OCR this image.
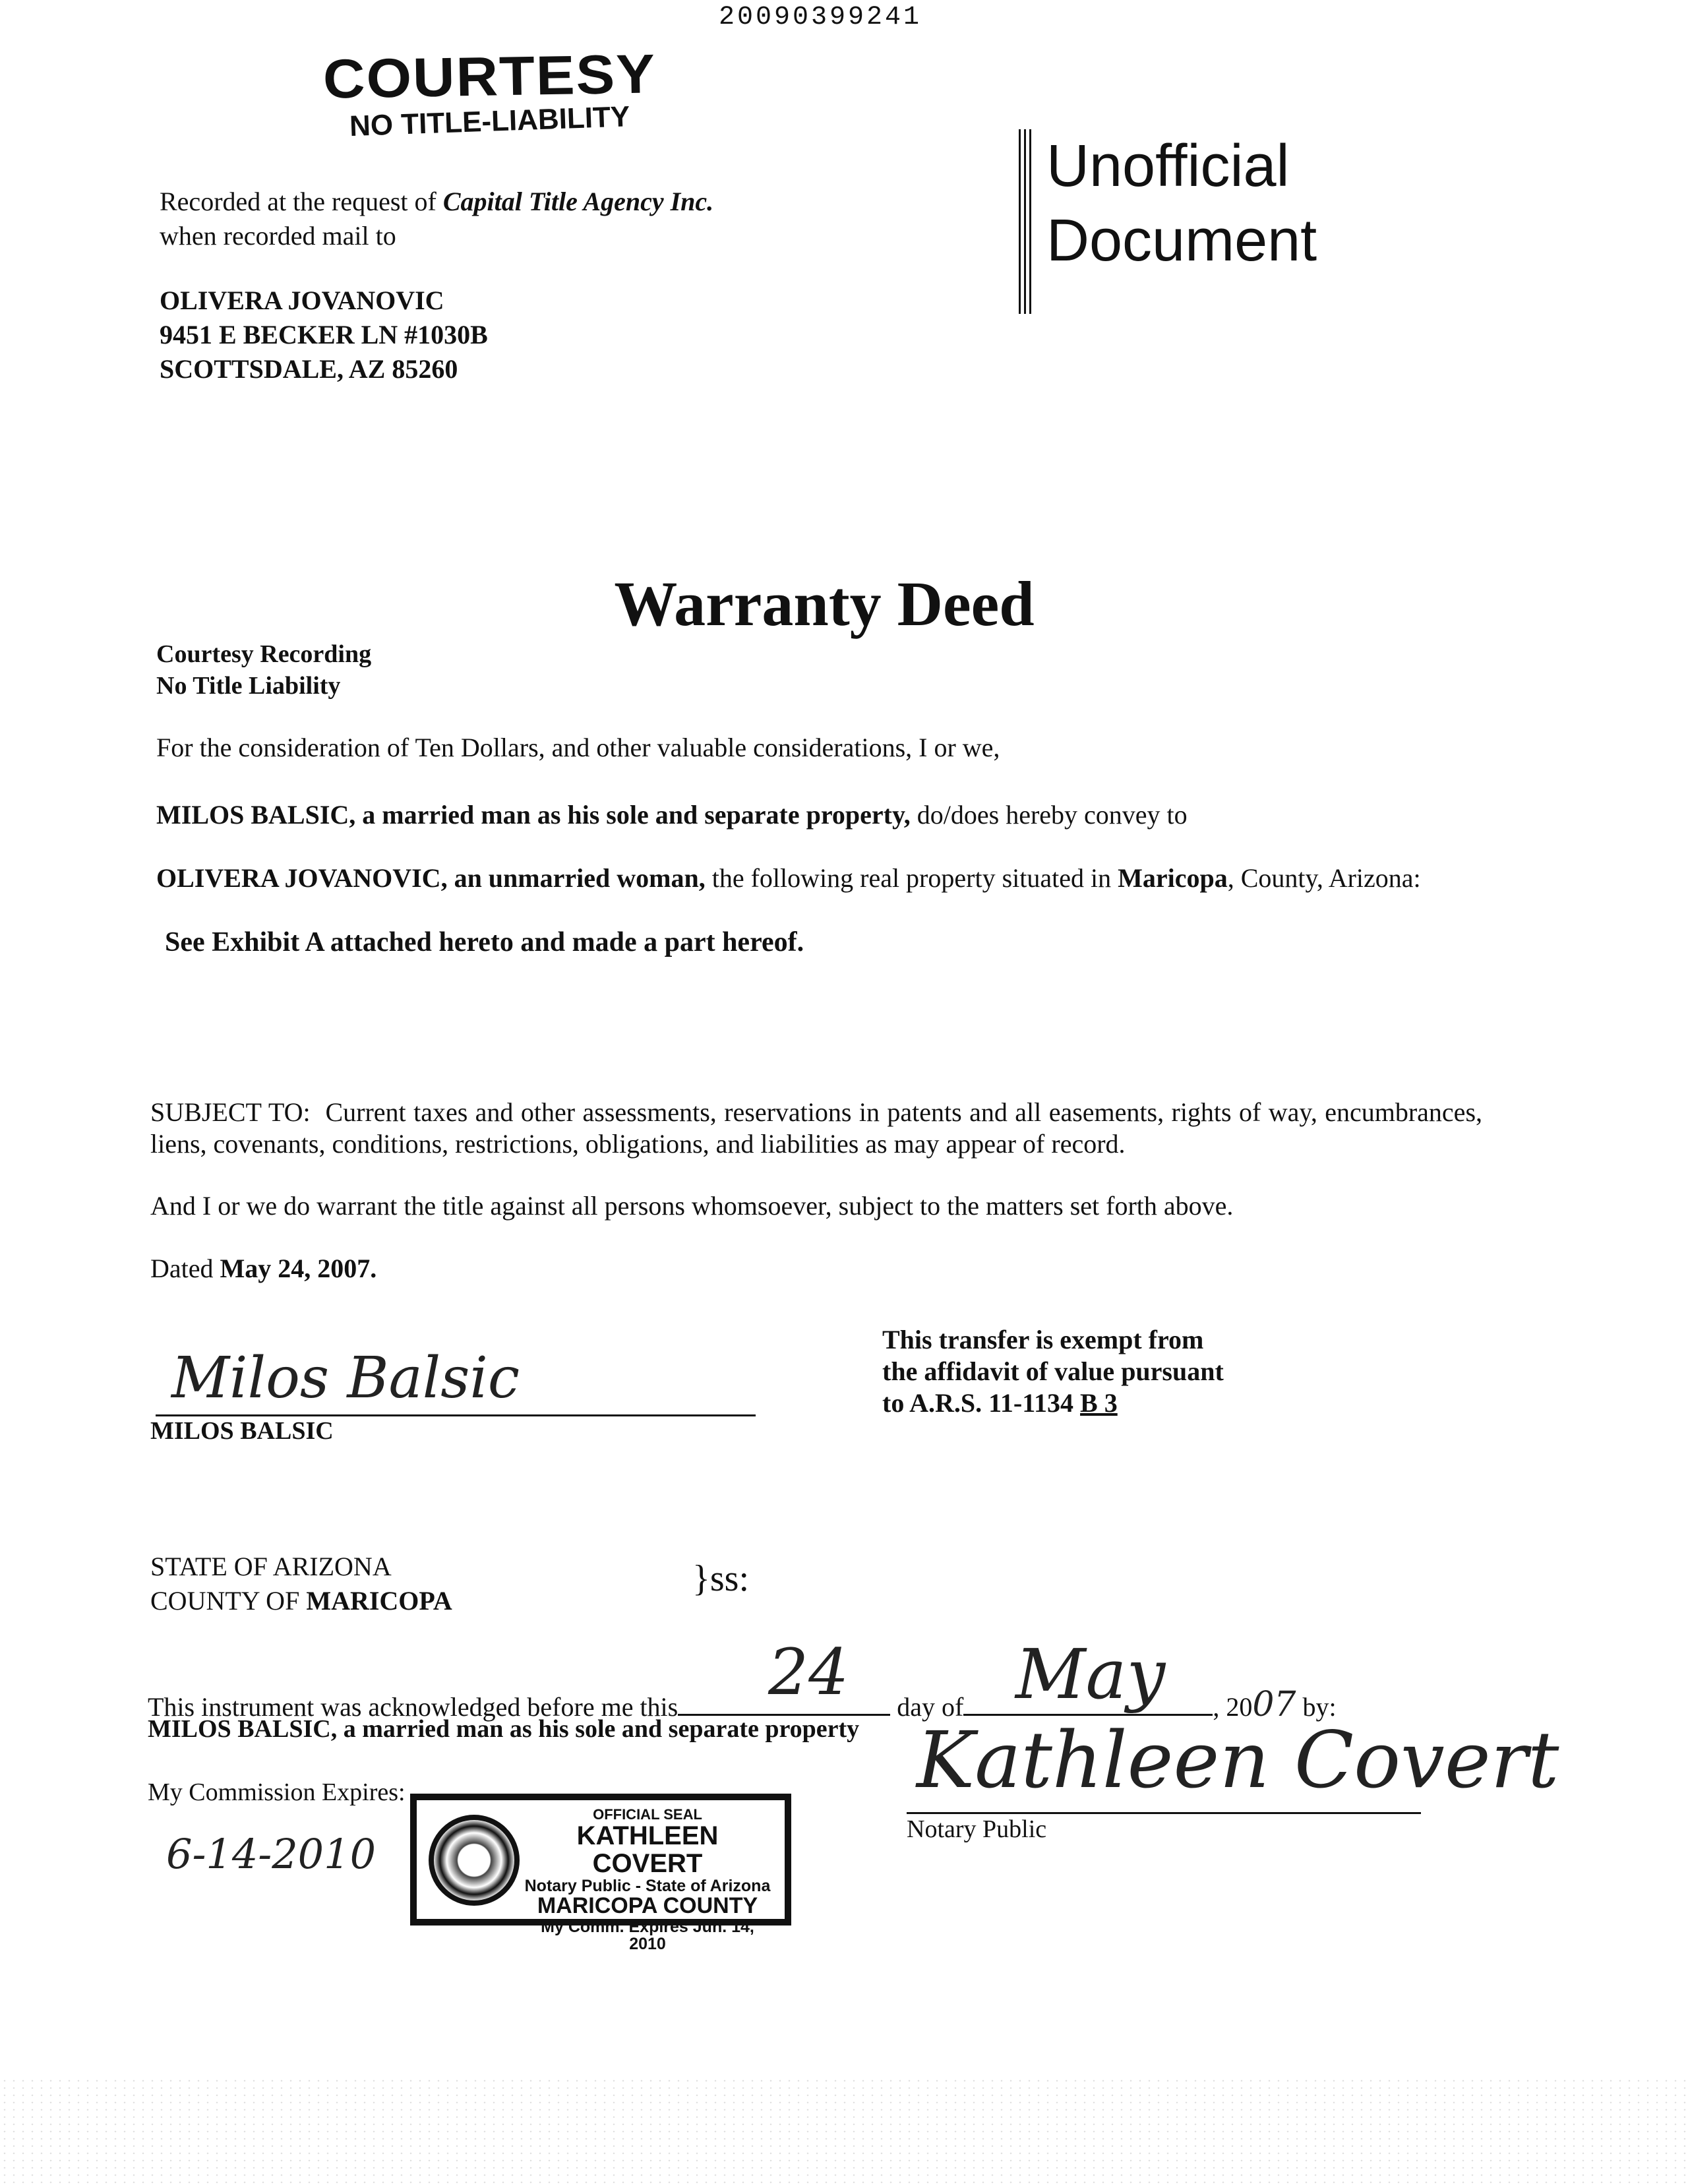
20090399241
COURTESY
NO TITLE-LIABILITY
Unofficial
Document
Recorded at the request of Capital Title Agency Inc.
when recorded mail to
OLIVERA JOVANOVIC
9451 E BECKER LN #1030B
SCOTTSDALE, AZ 85260
Warranty Deed
Courtesy Recording
No Title Liability
For the consideration of Ten Dollars, and other valuable considerations, I or we,
MILOS BALSIC, a married man as his sole and separate property, do/does hereby convey to
OLIVERA JOVANOVIC, an unmarried woman, the following real property situated in Maricopa, County, Arizona:
See Exhibit A attached hereto and made a part hereof.
SUBJECT TO: Current taxes and other assessments, reservations in patents and all easements, rights of way, encumbrances, liens, covenants, conditions, restrictions, obligations, and liabilities as may appear of record.
And I or we do warrant the title against all persons whomsoever, subject to the matters set forth above.
Dated May 24, 2007.
This transfer is exempt from
the affidavit of value pursuant
to A.R.S. 11-1134 B 3
Milos Balsic
MILOS BALSIC
STATE OF ARIZONA
COUNTY OF MARICOPA
}ss:
This instrument was acknowledged before me this	day of	, 2007 by:
24 May
MILOS BALSIC, a married man as his sole and separate property Kathleen Covert
Notary Public
My Commission Expires:
6-14-2010
OFFICIAL SEAL
KATHLEEN COVERT
Notary Public - State of Arizona
MARICOPA COUNTY
My Comm. Expires Jun. 14, 2010
